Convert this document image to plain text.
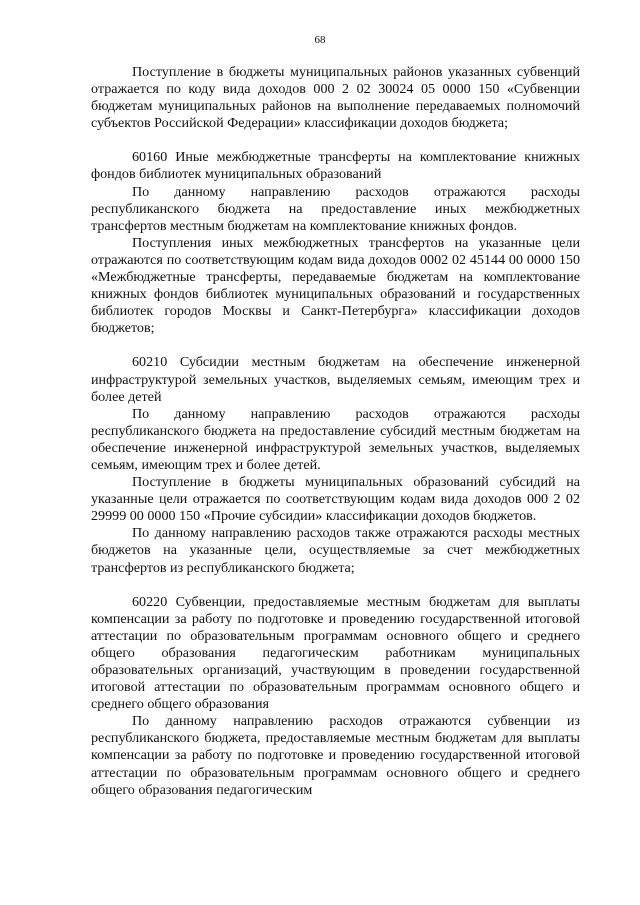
68

Поступление в бюджеты муниципальных районов указанных субвенций отражается по коду вида доходов 000 2 02 30024 05 0000 150 «Субвенции бюджетам муниципальных районов на выполнение передаваемых полномочий субъектов Российской Федерации» классификации доходов бюджета;

60160 Иные межбюджетные трансферты на комплектование книжных фондов библиотек муниципальных образований

По данному направлению расходов отражаются расходы республиканского бюджета на предоставление иных межбюджетных трансфертов местным бюджетам на комплектование книжных фондов.

Поступления иных межбюджетных трансфертов на указанные цели отражаются по соответствующим кодам вида доходов 0002 02 45144 00 0000 150 «Межбюджетные трансферты, передаваемые бюджетам на комплектование книжных фондов библиотек муниципальных образований и государственных библиотек городов Москвы и Санкт-Петербурга» классификации доходов бюджетов;

60210 Субсидии местным бюджетам на обеспечение инженерной инфраструктурой земельных участков, выделяемых семьям, имеющим трех и более детей

По данному направлению расходов отражаются расходы республиканского бюджета на предоставление субсидий местным бюджетам на обеспечение инженерной инфраструктурой земельных участков, выделяемых семьям, имеющим трех и более детей.

Поступление в бюджеты муниципальных образований субсидий на указанные цели отражается по соответствующим кодам вида доходов 000 2 02 29999 00 0000 150 «Прочие субсидии» классификации доходов бюджетов.

По данному направлению расходов также отражаются расходы местных бюджетов на указанные цели, осуществляемые за счет межбюджетных трансфертов из республиканского бюджета;

60220 Субвенции, предоставляемые местным бюджетам для выплаты компенсации за работу по подготовке и проведению государственной итоговой аттестации по образовательным программам основного общего и среднего общего образования педагогическим работникам муниципальных образовательных организаций, участвующим в проведении государственной итоговой аттестации по образовательным программам основного общего и среднего общего образования

По данному направлению расходов отражаются субвенции из республиканского бюджета, предоставляемые местным бюджетам для выплаты компенсации за работу по подготовке и проведению государственной итоговой аттестации по образовательным программам основного общего и среднего общего образования педагогическим
